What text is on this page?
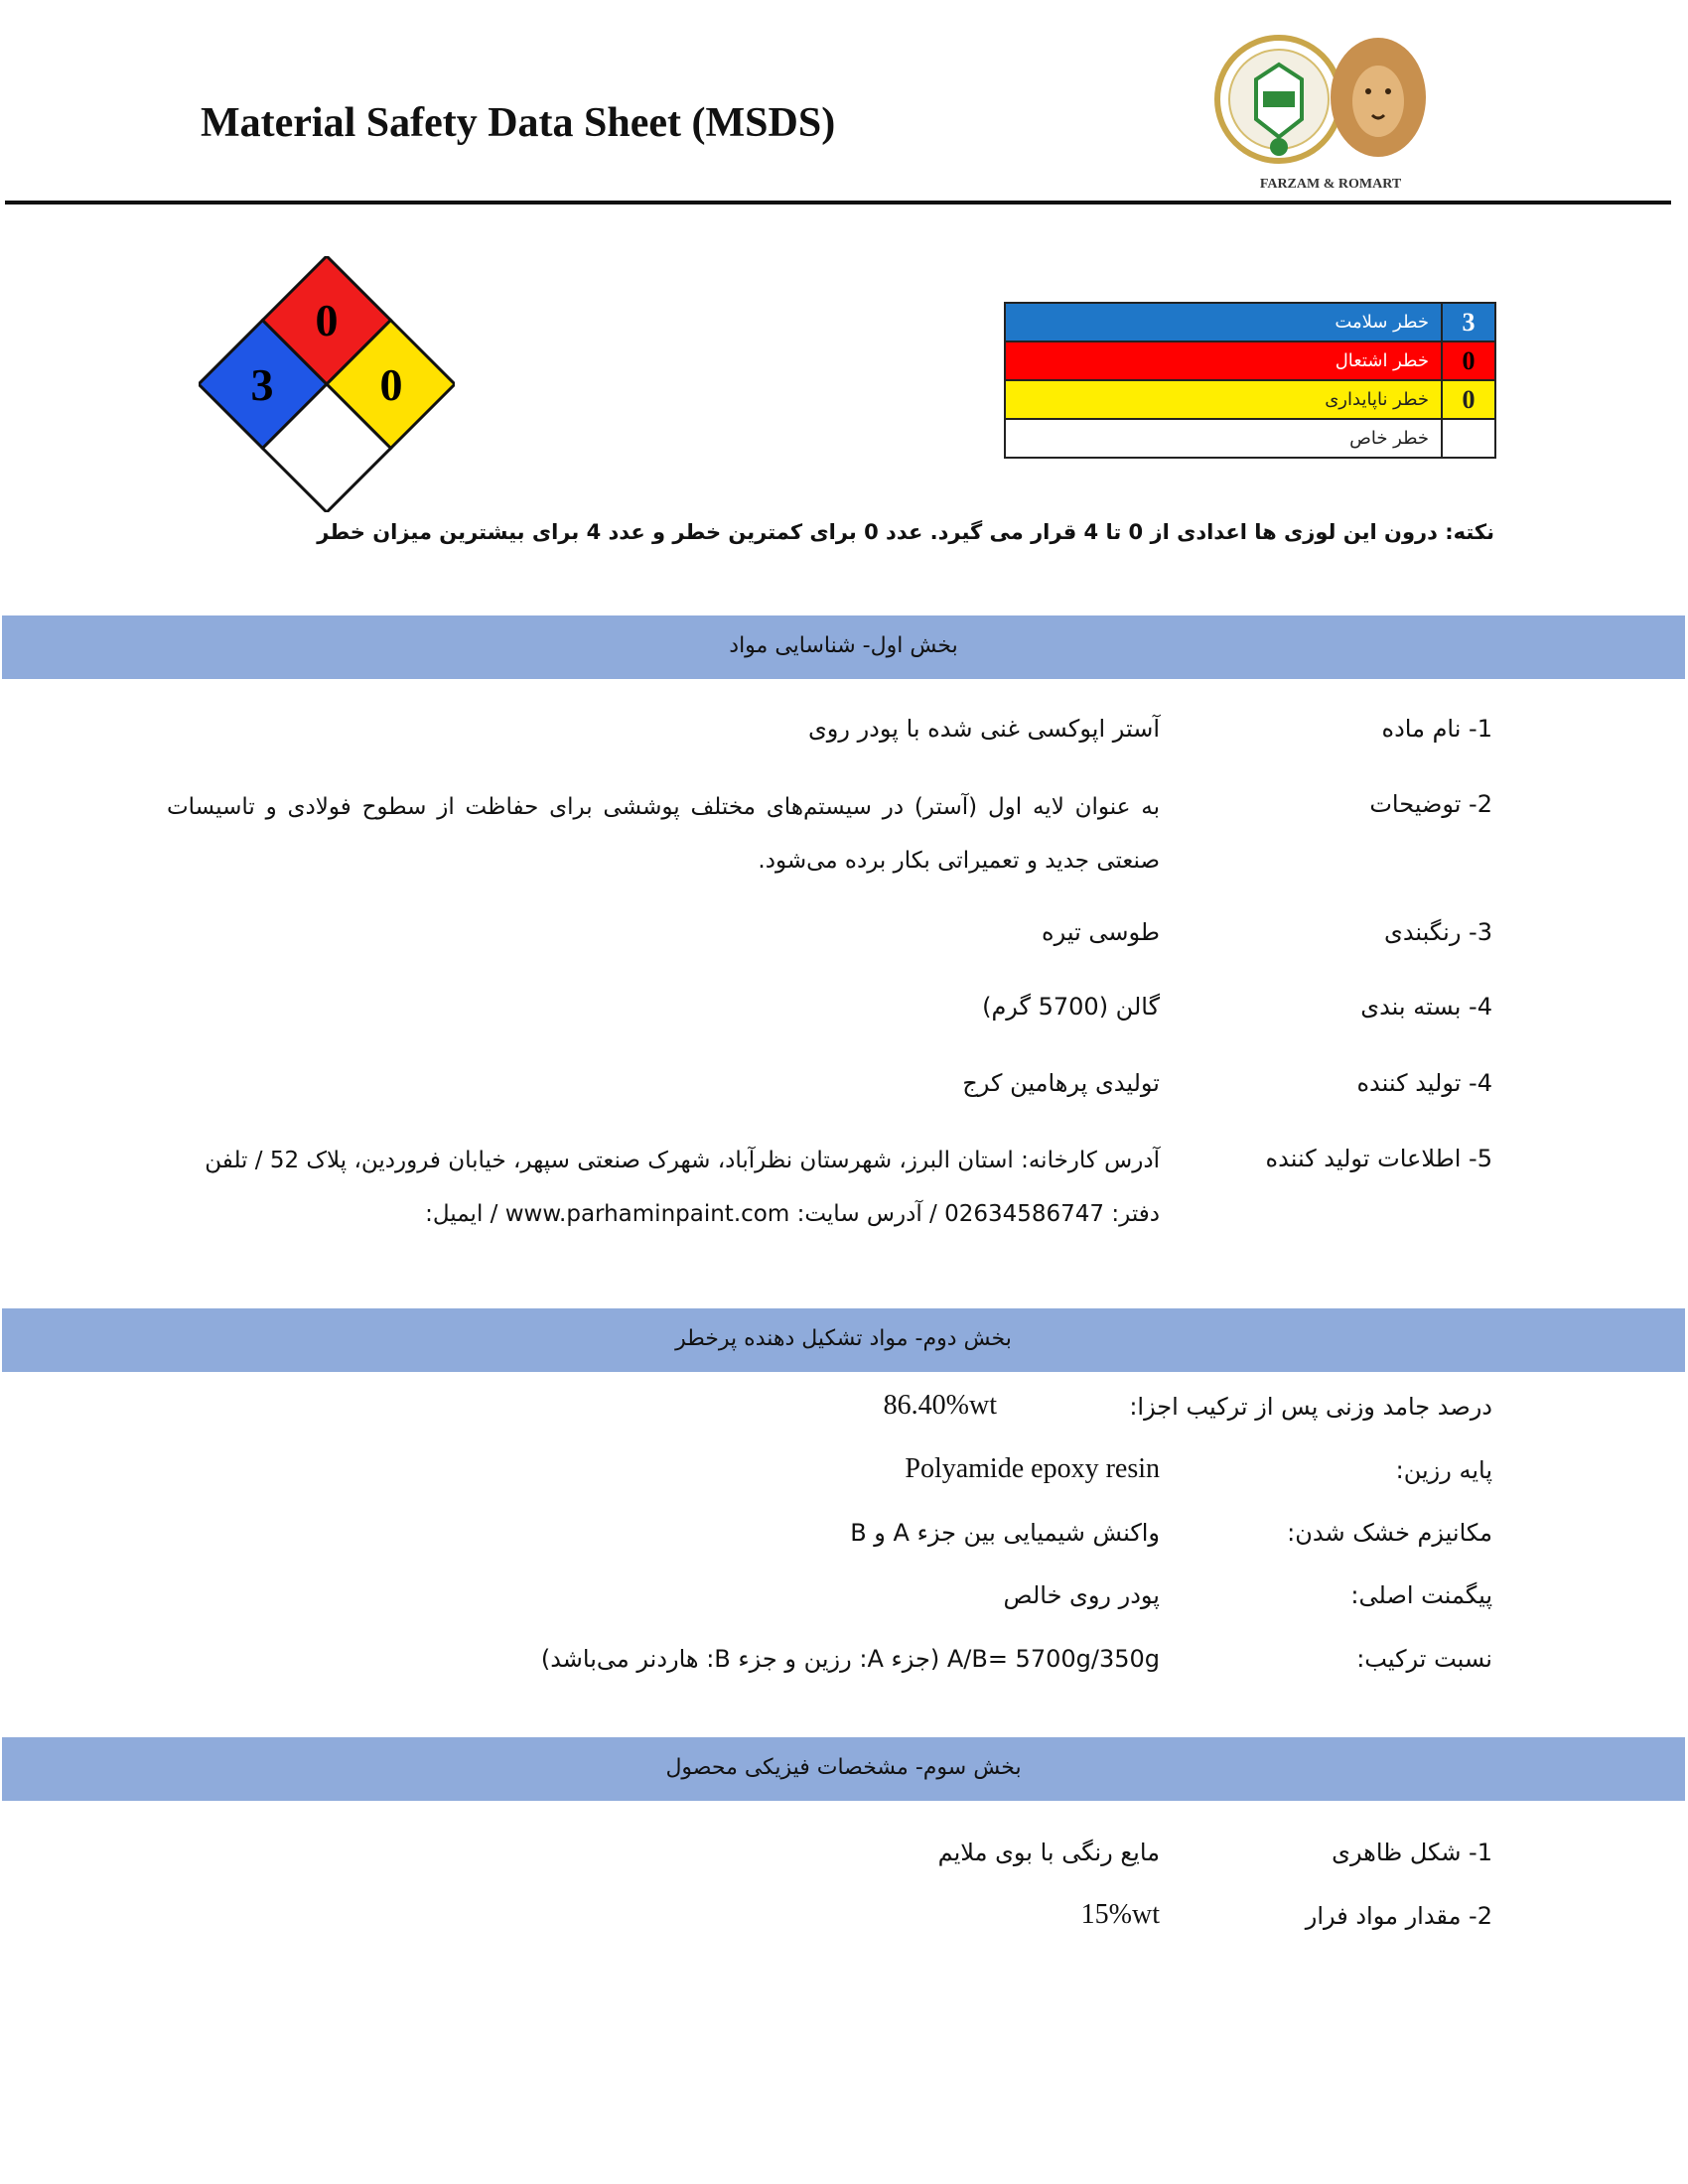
Material Safety Data Sheet (MSDS)
FARZAM & ROMART
3
0
0
خطر سلامت	3
خطر اشتعال	0
خطر ناپایداری	0
خطر خاص	
نکته: درون این لوزی ها اعدادی از 0 تا 4 قرار می گیرد. عدد 0 برای کمترین خطر و عدد 4 برای بیشترین میزان خطر
بخش اول- شناسایی مواد
1- نام ماده
آستر اپوکسی غنی شده با پودر روی
2- توضیحات
به عنوان لایه اول (آستر) در سیستم‌های مختلف پوششی برای حفاظت از سطوح فولادی و تاسیسات صنعتی جدید و تعمیراتی بکار برده می‌شود.
3- رنگبندی
طوسی تیره
4- بسته بندی
گالن (5700 گرم)
4- تولید کننده
تولیدی پرهامین کرج
5- اطلاعات تولید کننده
آدرس کارخانه: استان البرز، شهرستان نظرآباد، شهرک صنعتی سپهر، خیابان فروردین، پلاک 52 / تلفن دفتر: 02634586747 / آدرس سایت: www.parhaminpaint.com / ایمیل:
بخش دوم- مواد تشکیل دهنده پرخطر
درصد جامد وزنی پس از ترکیب اجزا:
86.40%wt
پایه رزین:
Polyamide epoxy resin
مکانیزم خشک شدن:
واکنش شیمیایی بین جزء A و B
پیگمنت اصلی:
پودر روی خالص
نسبت ترکیب:
A/B= 5700g/350g (جزء A: رزین و جزء B: هاردنر می‌باشد)
بخش سوم- مشخصات فیزیکی محصول
1- شکل ظاهری
مایع رنگی با بوی ملایم
2- مقدار مواد فرار
15%wt
